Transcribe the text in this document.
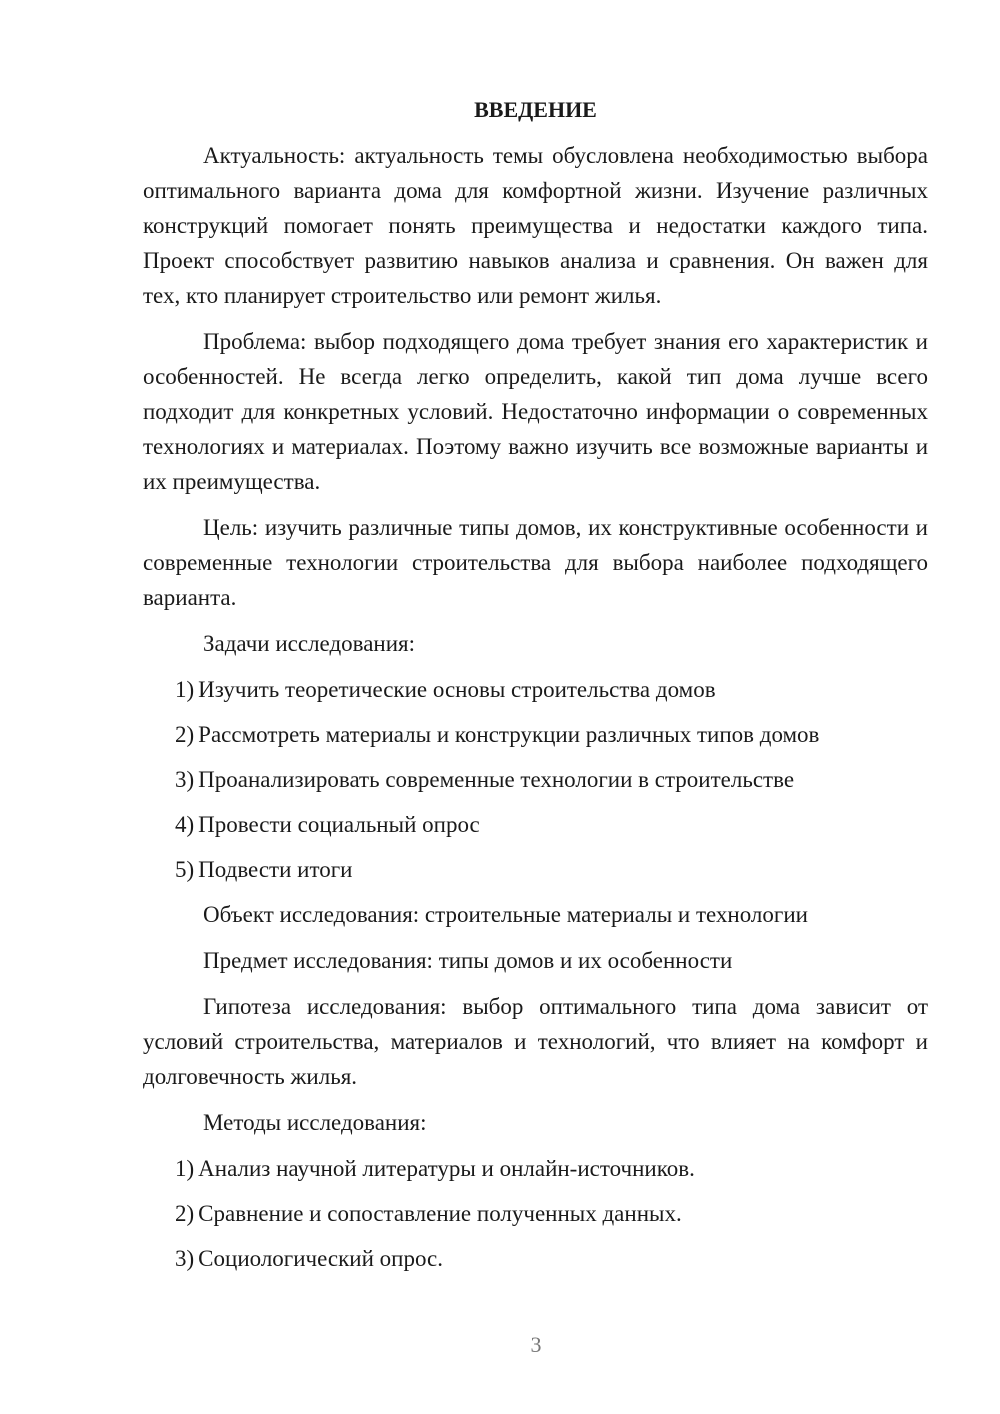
ВВЕДЕНИЕ

Актуальность: актуальность темы обусловлена необходимостью выбора оптимального варианта дома для комфортной жизни. Изучение различных конструкций помогает понять преимущества и недостатки каждого типа. Проект способствует развитию навыков анализа и сравнения. Он важен для тех, кто планирует строительство или ремонт жилья.

Проблема: выбор подходящего дома требует знания его характеристик и особенностей. Не всегда легко определить, какой тип дома лучше всего подходит для конкретных условий. Недостаточно информации о современных технологиях и материалах. Поэтому важно изучить все возможные варианты и их преимущества.

Цель: изучить различные типы домов, их конструктивные особенности и современные технологии строительства для выбора наиболее подходящего варианта.

Задачи исследования:

1) Изучить теоретические основы строительства домов
2) Рассмотреть материалы и конструкции различных типов домов
3) Проанализировать современные технологии в строительстве
4) Провести социальный опрос
5) Подвести итоги

Объект исследования: строительные материалы и технологии

Предмет исследования: типы домов и их особенности

Гипотеза исследования: выбор оптимального типа дома зависит от условий строительства, материалов и технологий, что влияет на комфорт и долговечность жилья.

Методы исследования:

1) Анализ научной литературы и онлайн-источников.
2) Сравнение и сопоставление полученных данных.
3) Социологический опрос.
3
